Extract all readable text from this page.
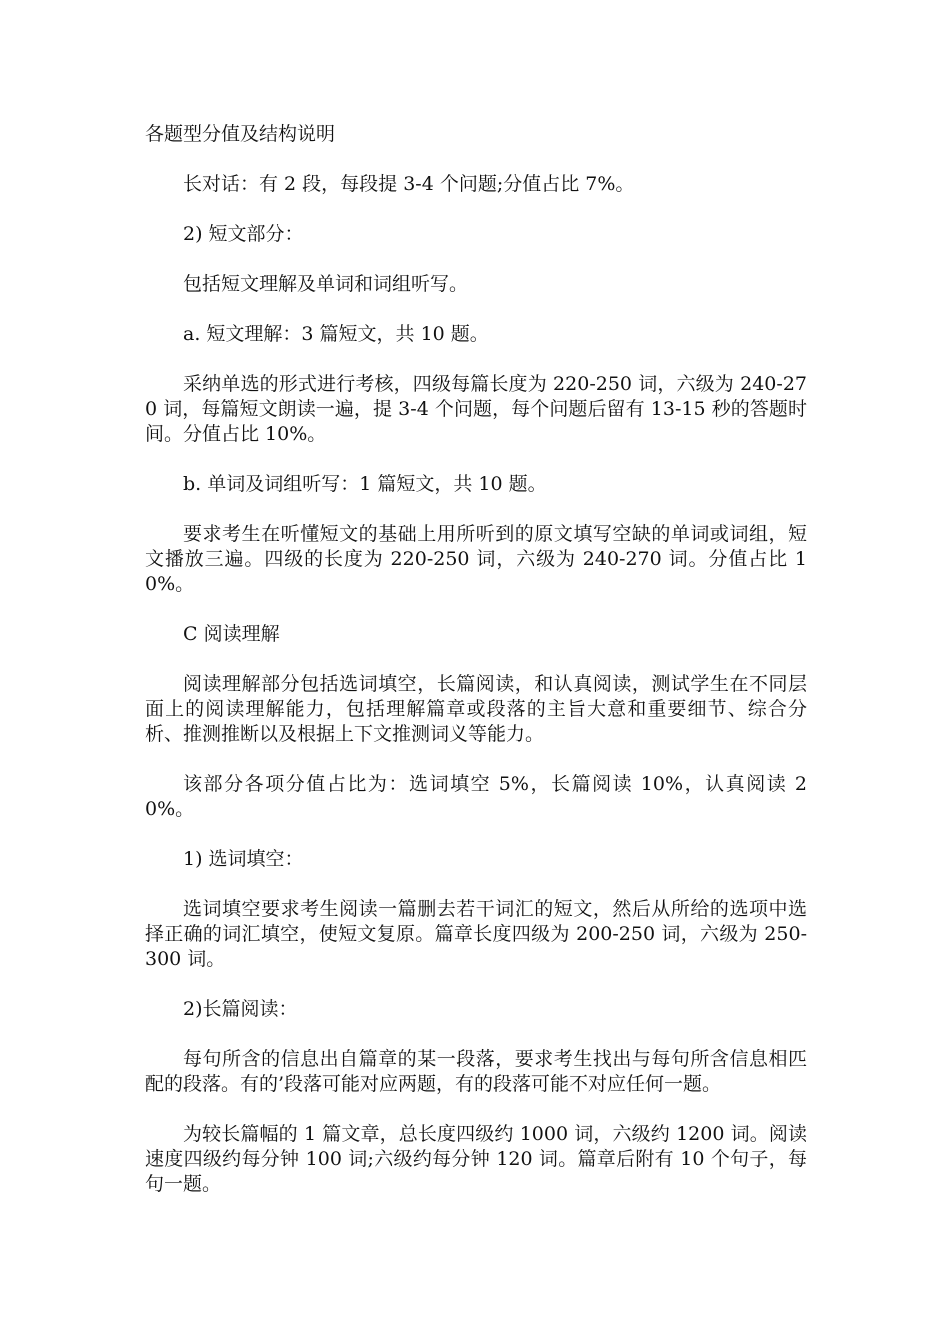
各题型分值及结构说明

长对话：有 2 段，每段提 3-4 个问题;分值占比 7%。

2) 短文部分：

包括短文理解及单词和词组听写。

a. 短文理解：3 篇短文，共 10 题。

采纳单选的形式进行考核，四级每篇长度为 220-250 词，六级为 240-270 词，每篇短文朗读一遍，提 3-4 个问题，每个问题后留有 13-15 秒的答题时间。分值占比 10%。

b. 单词及词组听写：1 篇短文，共 10 题。

要求考生在听懂短文的基础上用所听到的原文填写空缺的单词或词组，短文播放三遍。四级的长度为 220-250 词，六级为 240-270 词。分值占比 10%。

C 阅读理解

阅读理解部分包括选词填空，长篇阅读，和认真阅读，测试学生在不同层面上的阅读理解能力，包括理解篇章或段落的主旨大意和重要细节、综合分析、推测推断以及根据上下文推测词义等能力。

该部分各项分值占比为：选词填空 5%，长篇阅读 10%，认真阅读 20%。

1) 选词填空：

选词填空要求考生阅读一篇删去若干词汇的短文，然后从所给的选项中选择正确的词汇填空，使短文复原。篇章长度四级为 200-250 词，六级为 250-300 词。

2)长篇阅读：

每句所含的信息出自篇章的某一段落，要求考生找出与每句所含信息相匹配的段落。有的’段落可能对应两题，有的段落可能不对应任何一题。

为较长篇幅的 1 篇文章，总长度四级约 1000 词，六级约 1200 词。阅读速度四级约每分钟 100 词;六级约每分钟 120 词。篇章后附有 10 个句子，每句一题。
